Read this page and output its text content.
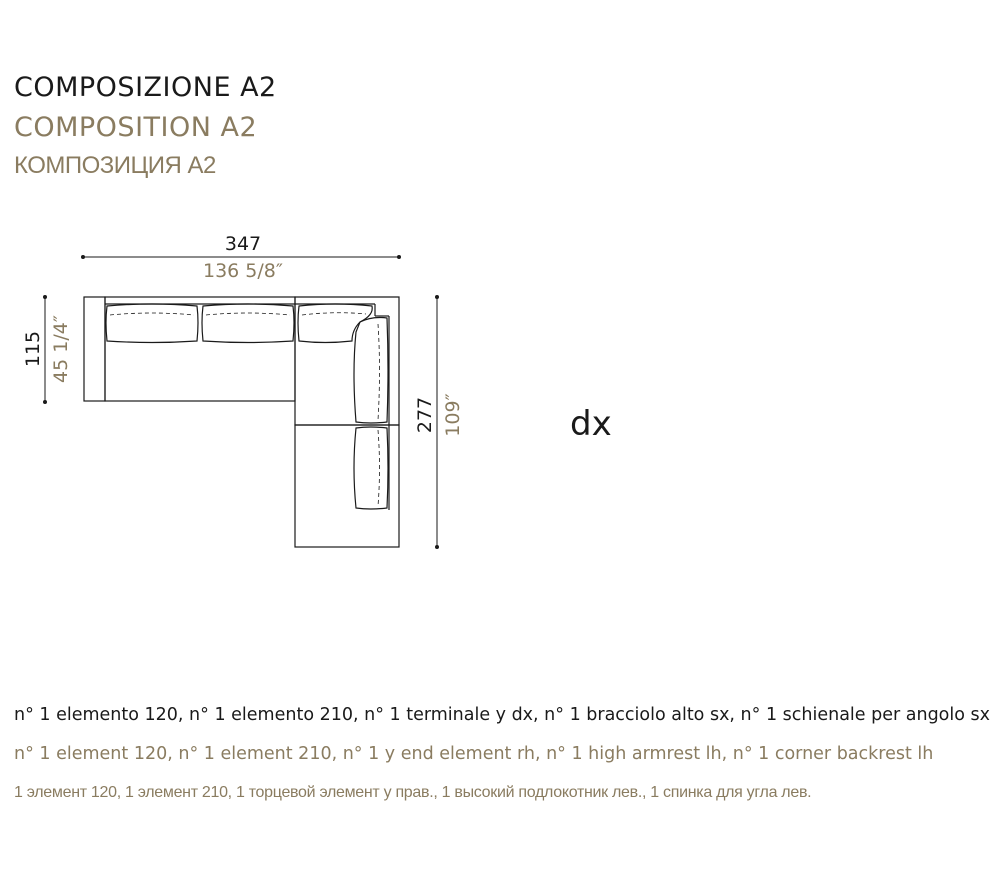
COMPOSIZIONE A2
COMPOSITION A2
КОМПОЗИЦИЯ A2
347
136 5/8″
115 45 1/4″
277 109″	dx

n° 1 elemento 120, n° 1 elemento 210, n° 1 terminale y dx, n° 1 bracciolo alto sx, n° 1 schienale per angolo sx

n° 1 element 120, n° 1 element 210, n° 1 y end element rh, n° 1 high armrest lh, n° 1 corner backrest lh

1 элемент 120, 1 элемент 210, 1 торцевой элемент у прав., 1 высокий подлокотник лев., 1 спинка для угла лев.
